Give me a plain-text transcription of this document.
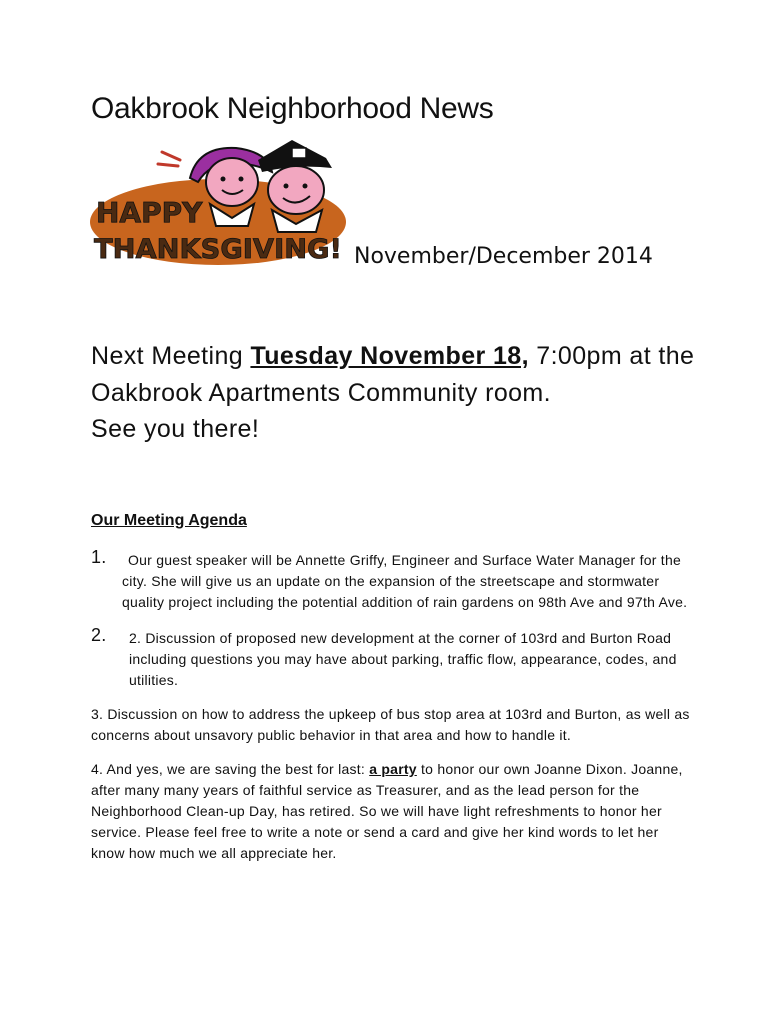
Oakbrook Neighborhood News
HAPPY
THANKSGIVING! November/December 2014

Next Meeting Tuesday November 18, 7:00pm at the Oakbrook Apartments Community room.
See you there!

Our Meeting Agenda
1.	Our guest speaker will be Annette Griffy, Engineer and Surface Water Manager for the city. She will give us an update on the expansion of the streetscape and stormwater quality project including the potential addition of rain gardens on 98th Ave and 97th Ave.
2. 2. Discussion of proposed new development at the corner of 103rd and Burton Road including questions you may have about parking, traffic flow, appearance, codes, and utilities.

3. Discussion on how to address the upkeep of bus stop area at 103rd and Burton, as well as concerns about unsavory public behavior in that area and how to handle it.

4. And yes, we are saving the best for last: a party to honor our own Joanne Dixon. Joanne, after many many years of faithful service as Treasurer, and as the lead person for the Neighborhood Clean-up Day, has retired. So we will have light refreshments to honor her service. Please feel free to write a note or send a card and give her kind words to let her know how much we all appreciate her.
